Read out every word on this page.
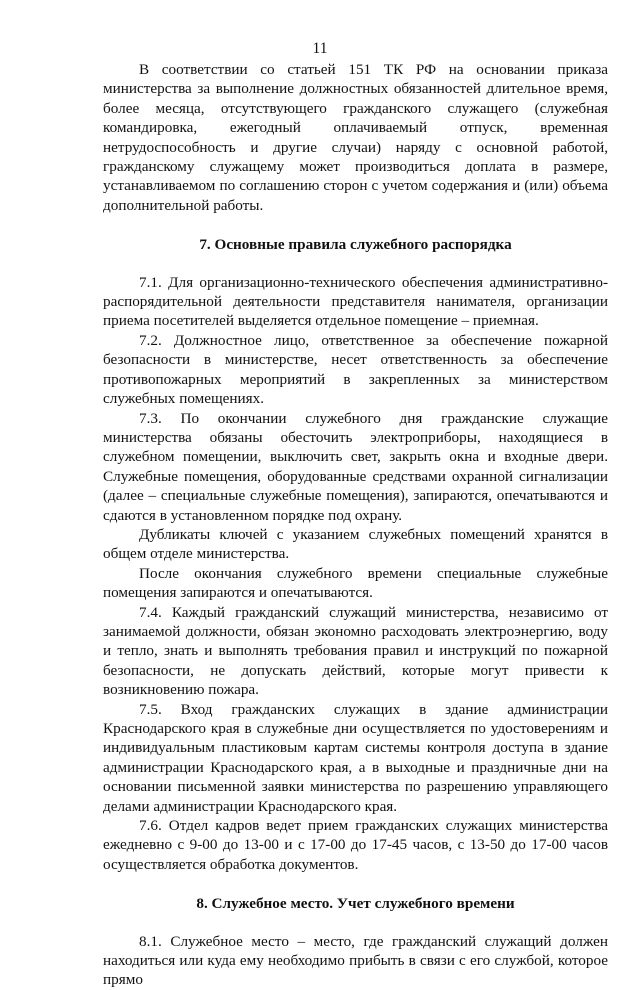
11

В соответствии со статьей 151 ТК РФ на основании приказа министерства за выполнение должностных обязанностей длительное время, более месяца, отсутствующего гражданского служащего (служебная командировка, ежегодный оплачиваемый отпуск, временная нетрудоспособность и другие случаи) наряду с основной работой, гражданскому служащему может производиться доплата в размере, устанавливаемом по соглашению сторон с учетом содержания и (или) объема дополнительной работы.

7. Основные правила служебного распорядка

7.1. Для организационно-технического обеспечения административно-распорядительной деятельности представителя нанимателя, организации приема посетителей выделяется отдельное помещение – приемная.

7.2. Должностное лицо, ответственное за обеспечение пожарной безопасности в министерстве, несет ответственность за обеспечение противопожарных мероприятий в закрепленных за министерством служебных помещениях.

7.3. По окончании служебного дня гражданские служащие министерства обязаны обесточить электроприборы, находящиеся в служебном помещении, выключить свет, закрыть окна и входные двери. Служебные помещения, оборудованные средствами охранной сигнализации (далее – специальные служебные помещения), запираются, опечатываются и сдаются в установленном порядке под охрану.

Дубликаты ключей с указанием служебных помещений хранятся в общем отделе министерства.

После окончания служебного времени специальные служебные помещения запираются и опечатываются.

7.4. Каждый гражданский служащий министерства, независимо от занимаемой должности, обязан экономно расходовать электроэнергию, воду и тепло, знать и выполнять требования правил и инструкций по пожарной безопасности, не допускать действий, которые могут привести к возникновению пожара.

7.5. Вход гражданских служащих в здание администрации Краснодарского края в служебные дни осуществляется по удостоверениям и индивидуальным пластиковым картам системы контроля доступа в здание администрации Краснодарского края, а в выходные и праздничные дни на основании письменной заявки министерства по разрешению управляющего делами администрации Краснодарского края.

7.6. Отдел кадров ведет прием гражданских служащих министерства ежедневно с 9-00 до 13-00 и с 17-00 до 17-45 часов, с 13-50 до 17-00 часов осуществляется обработка документов.

8. Служебное место. Учет служебного времени

8.1. Служебное место – место, где гражданский служащий должен находиться или куда ему необходимо прибыть в связи с его службой, которое прямо
